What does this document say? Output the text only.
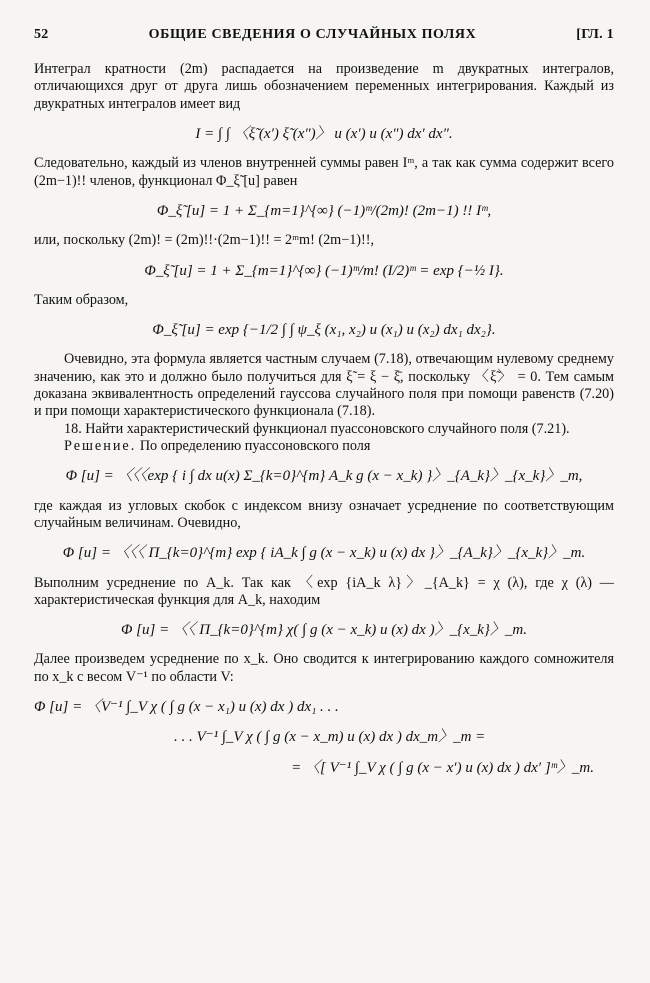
52	ОБЩИЕ СВЕДЕНИЯ О СЛУЧАЙНЫХ ПОЛЯХ	[ГЛ. 1

Интеграл кратности (2m) распадается на произведение m двукратных интегралов, отличающихся друг от друга лишь обозначением переменных интегрирования. Каждый из двукратных интегралов имеет вид

I = ∫ ∫ 〈ξ̃ (x′) ξ̃ (x″)〉 u (x′) u (x″) dx′ dx″.

Следовательно, каждый из членов внутренней суммы равен Iᵐ, а так как сумма содержит всего (2m−1)!! членов, функционал Φ_ξ̃ [u] равен

Φ_ξ̃ [u] = 1 + Σ_{m=1}^{∞} (−1)ᵐ/(2m)! (2m−1) !! Iᵐ,

или, поскольку (2m)! = (2m)!!·(2m−1)!! = 2ᵐm! (2m−1)!!,

Φ_ξ̃ [u] = 1 + Σ_{m=1}^{∞} (−1)ᵐ/m! (I/2)ᵐ = exp {−½ I}.

Таким образом,

Φ_ξ̃ [u] = exp {−1/2 ∫ ∫ ψ_ξ (x₁, x₂) u (x₁) u (x₂) dx₁ dx₂}.

Очевидно, эта формула является частным случаем (7.18), отвечающим нулевому среднему значению, как это и должно было получиться для ξ̃ = ξ − ξ̄, поскольку 〈ξ̃〉 = 0. Тем самым доказана эквивалентность определений гауссова случайного поля при помощи равенств (7.20) и при помощи характеристического функционала (7.18).

18. Найти характеристический функционал пуассоновского случайного поля (7.21).

Решение. По определению пуассоновского поля

Φ [u] = 〈〈〈exp { i ∫ dx u(x) Σ_{k=0}^{m} A_k g (x − x_k) }〉_{A_k}〉_{x_k}〉_m,

где каждая из угловых скобок с индексом внизу означает усреднение по соответствующим случайным величинам. Очевидно,

Φ [u] = 〈〈〈 Π_{k=0}^{m} exp { iA_k ∫ g (x − x_k) u (x) dx }〉_{A_k}〉_{x_k}〉_m.

Выполним усреднение по A_k. Так как 〈exp {iA_k λ}〉_{A_k} = χ (λ), где χ (λ) — характеристическая функция для A_k, находим

Φ [u] = 〈〈 Π_{k=0}^{m} χ( ∫ g (x − x_k) u (x) dx )〉_{x_k}〉_m.

Далее произведем усреднение по x_k. Оно сводится к интегрированию каждого сомножителя по x_k с весом V⁻¹ по области V:

Φ [u] = 〈V⁻¹ ∫_V χ ( ∫ g (x − x₁) u (x) dx ) dx₁ . . .
. . . V⁻¹ ∫_V χ ( ∫ g (x − x_m) u (x) dx ) dx_m〉_m =
= 〈[ V⁻¹ ∫_V χ ( ∫ g (x − x′) u (x) dx ) dx′ ]ᵐ〉_m.
